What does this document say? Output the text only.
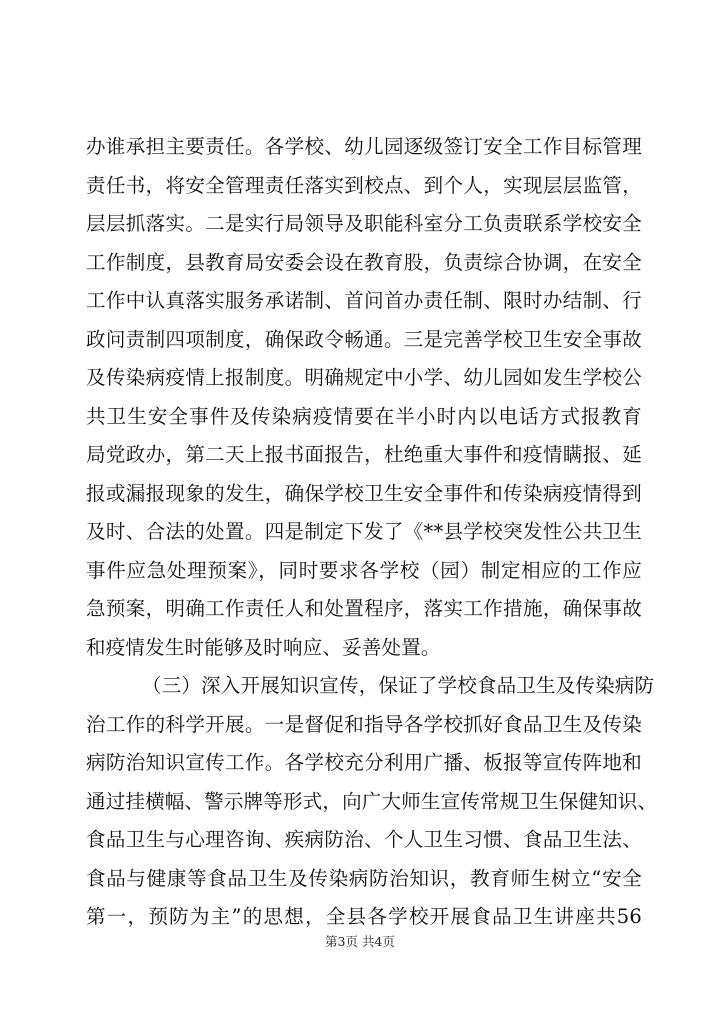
办谁承担主要责任。各学校、幼儿园逐级签订安全工作目标管理
责任书，将安全管理责任落实到校点、到个人，实现层层监管，
层层抓落实。二是实行局领导及职能科室分工负责联系学校安全
工作制度，县教育局安委会设在教育股，负责综合协调，在安全
工作中认真落实服务承诺制、首问首办责任制、限时办结制、行
政问责制四项制度，确保政令畅通。三是完善学校卫生安全事故
及传染病疫情上报制度。明确规定中小学、幼儿园如发生学校公
共卫生安全事件及传染病疫情要在半小时内以电话方式报教育
局党政办，第二天上报书面报告，杜绝重大事件和疫情瞒报、延
报或漏报现象的发生，确保学校卫生安全事件和传染病疫情得到
及时、合法的处置。四是制定下发了《**县学校突发性公共卫生
事件应急处理预案》，同时要求各学校（园）制定相应的工作应
急预案，明确工作责任人和处置程序，落实工作措施，确保事故
和疫情发生时能够及时响应、妥善处置。
（三）深入开展知识宣传，保证了学校食品卫生及传染病防
治工作的科学开展。一是督促和指导各学校抓好食品卫生及传染
病防治知识宣传工作。各学校充分利用广播、板报等宣传阵地和
通过挂横幅、警示牌等形式，向广大师生宣传常规卫生保健知识、
食品卫生与心理咨询、疾病防治、个人卫生习惯、食品卫生法、
食品与健康等食品卫生及传染病防治知识，教育师生树立“安全
第一，预防为主”的思想，全县各学校开展食品卫生讲座共56
第3页 共4页
